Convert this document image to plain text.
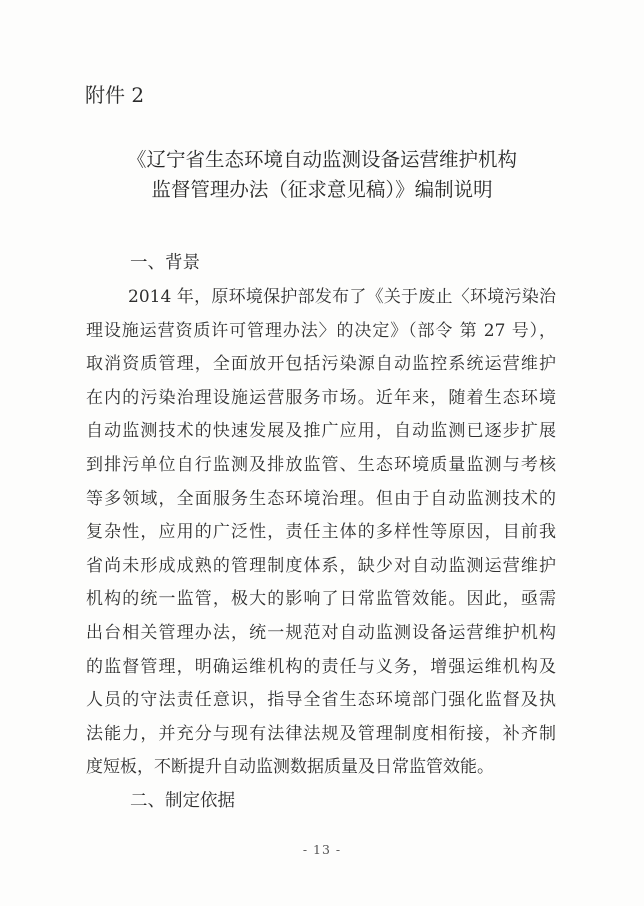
附件 2
《辽宁省生态环境自动监测设备运营维护机构
监督管理办法（征求意见稿）》编制说明
一、背景
2014 年，原环境保护部发布了《关于废止〈环境污染治
理设施运营资质许可管理办法〉的决定》（部令 第 27 号），
取消资质管理，全面放开包括污染源自动监控系统运营维护
在内的污染治理设施运营服务市场。近年来，随着生态环境
自动监测技术的快速发展及推广应用，自动监测已逐步扩展
到排污单位自行监测及排放监管、生态环境质量监测与考核
等多领域，全面服务生态环境治理。但由于自动监测技术的
复杂性，应用的广泛性，责任主体的多样性等原因，目前我
省尚未形成成熟的管理制度体系，缺少对自动监测运营维护
机构的统一监管，极大的影响了日常监管效能。因此，亟需
出台相关管理办法，统一规范对自动监测设备运营维护机构
的监督管理，明确运维机构的责任与义务，增强运维机构及
人员的守法责任意识，指导全省生态环境部门强化监督及执
法能力，并充分与现有法律法规及管理制度相衔接，补齐制
度短板，不断提升自动监测数据质量及日常监管效能。
二、制定依据
- 13 -
